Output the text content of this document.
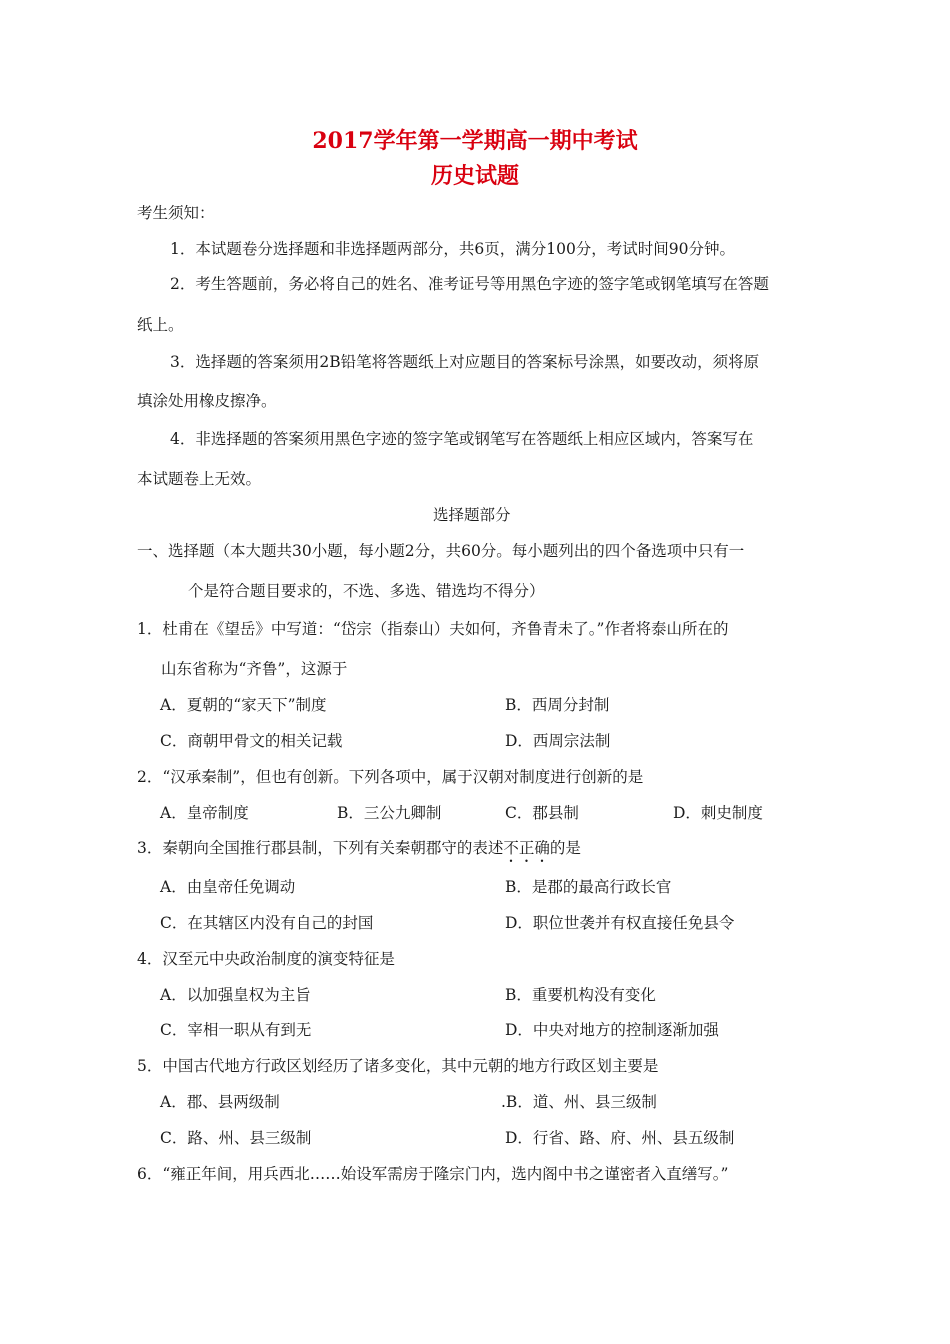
2017学年第一学期高一期中考试
历史试题
考生须知：
1．本试题卷分选择题和非选择题两部分，共6页，满分100分，考试时间90分钟。
2．考生答题前，务必将自己的姓名、准考证号等用黑色字迹的签字笔或钢笔填写在答题
纸上。
3．选择题的答案须用2B铅笔将答题纸上对应题目的答案标号涂黑，如要改动，须将原
填涂处用橡皮擦净。
4．非选择题的答案须用黑色字迹的签字笔或钢笔写在答题纸上相应区域内，答案写在
本试题卷上无效。
选择题部分
一、选择题（本大题共30小题，每小题2分，共60分。每小题列出的四个备选项中只有一
个是符合题目要求的，不选、多选、错选均不得分）
1．杜甫在《望岳》中写道：“岱宗（指泰山）夫如何，齐鲁青未了。”作者将泰山所在的
山东省称为“齐鲁”，这源于
A．夏朝的“家天下”制度	B．西周分封制
C．商朝甲骨文的相关记载	D．西周宗法制
2．“汉承秦制”，但也有创新。下列各项中，属于汉朝对制度进行创新的是
A．皇帝制度	B．三公九卿制	C．郡县制	D．刺史制度
3．秦朝向全国推行郡县制，下列有关秦朝郡守的表述不正确的是
A．由皇帝任免调动	B．是郡的最高行政长官
C．在其辖区内没有自己的封国	D．职位世袭并有权直接任免县令
4．汉至元中央政治制度的演变特征是
A．以加强皇权为主旨	B．重要机构没有变化
C．宰相一职从有到无	D．中央对地方的控制逐渐加强
5．中国古代地方行政区划经历了诸多变化，其中元朝的地方行政区划主要是
A．郡、县两级制	.B．道、州、县三级制
C．路、州、县三级制	D．行省、路、府、州、县五级制
6．“雍正年间，用兵西北……始设军需房于隆宗门内，选内阁中书之谨密者入直缮写。”
